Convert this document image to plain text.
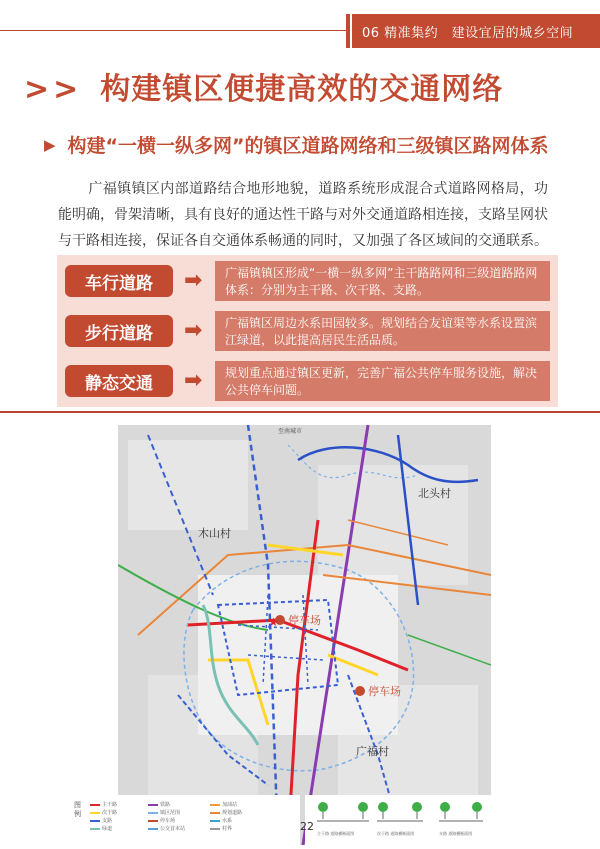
06 精准集约　建设宜居的城乡空间
>> 构建镇区便捷高效的交通网络
▶ 构建“一横一纵多网”的镇区道路网络和三级镇区路网体系
广福镇镇区内部道路结合地形地貌，道路系统形成混合式道路网格局，功能明确，骨架清晰，具有良好的通达性干路与对外交通道路相连接，支路呈网状与干路相连接，保证各自交通体系畅通的同时，又加强了各区域间的交通联系。
车行道路	➡	广福镇镇区形成“一横一纵多网”主干路路网和三级道路路网体系：分别为主干路、次干路、支路。
步行道路	➡	广福镇区周边水系田园较多。规划结合友谊渠等水系设置滨江绿道，以此提高居民生活品质。
静态交通	➡	规划重点通过镇区更新，完善广福公共停车服务设施，解决公共停车问题。
木山村
北头村
广福村
停车场
停车场
至南城市
★
图例
主干路
次干路
支路
绿道
铁路
镇区范围
停车场
公交首末站
加油站
规划道路
水系
村界
主干路 道路横断面图	次干路 道路横断面图	支路 道路横断面图
22
